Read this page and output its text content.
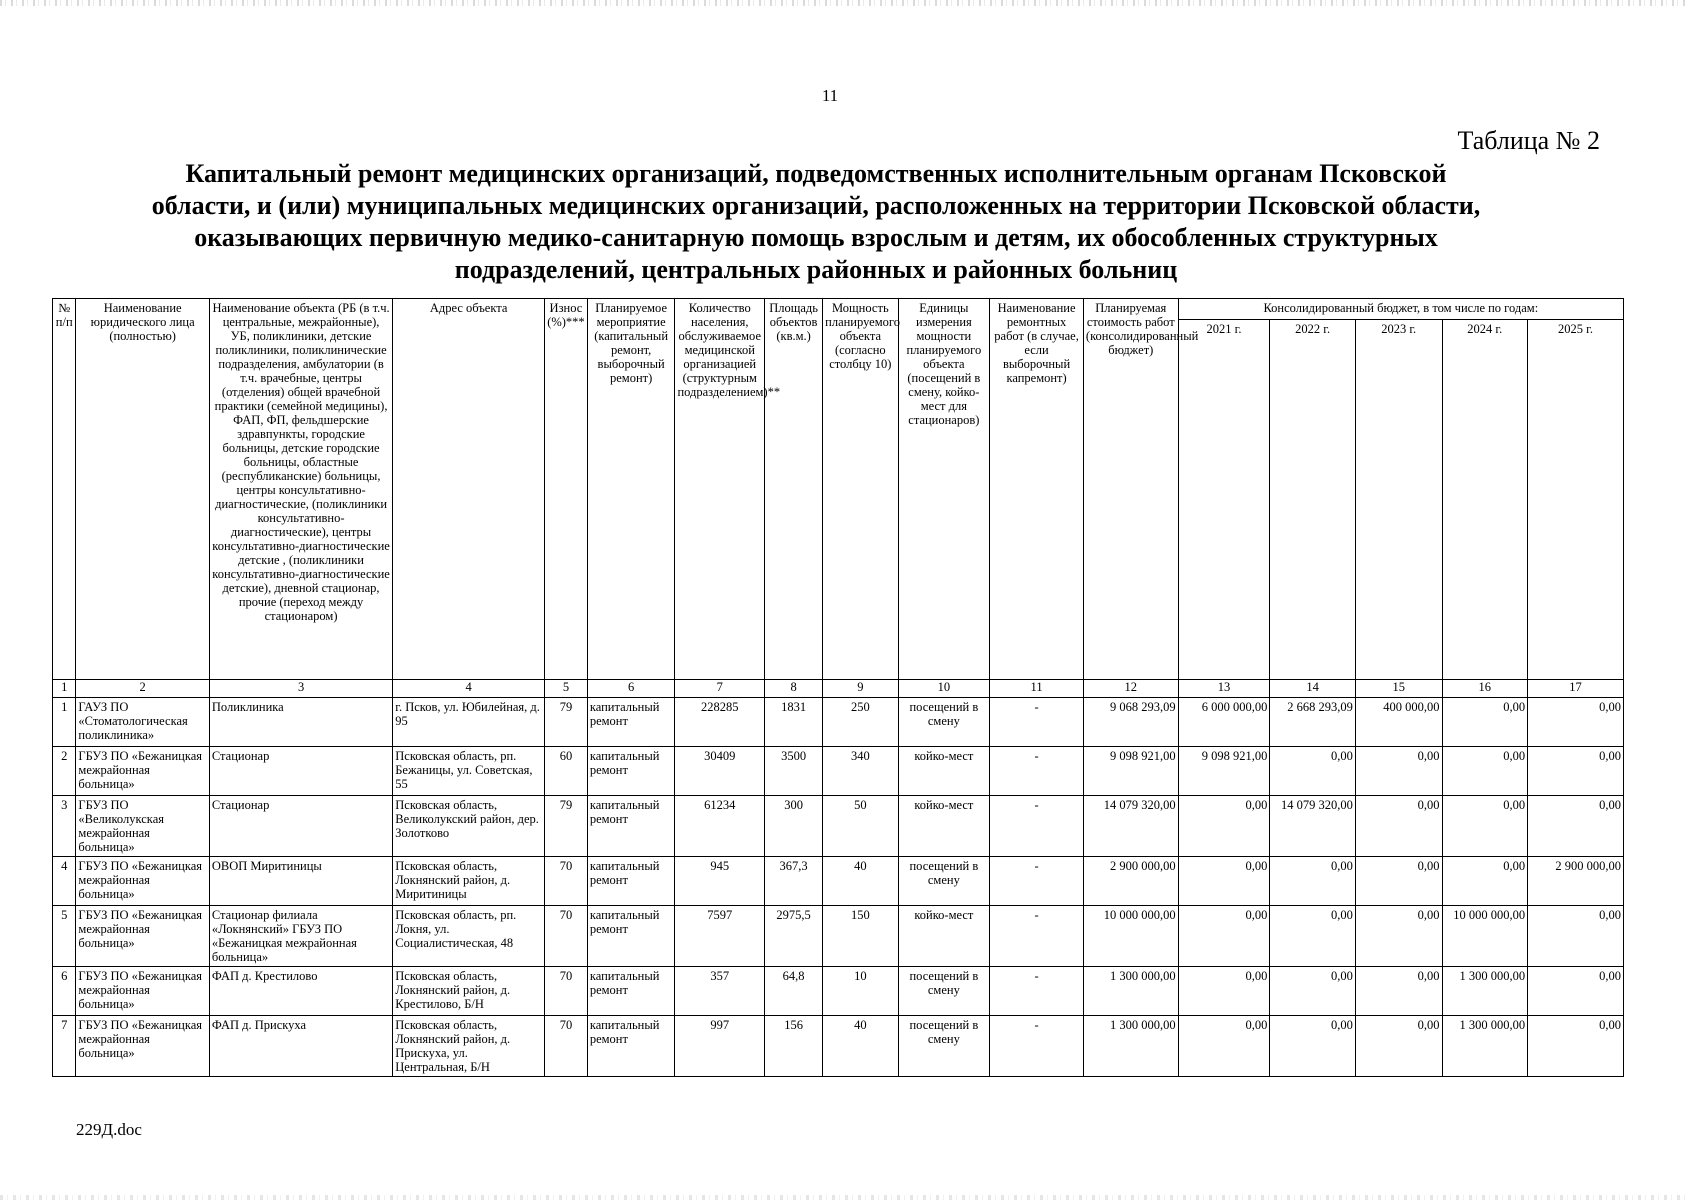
11
Таблица № 2
Капитальный ремонт медицинских организаций, подведомственных исполнительным органам Псковской
области, и (или) муниципальных медицинских организаций, расположенных на территории Псковской области,
оказывающих первичную медико-санитарную помощь взрослым и детям, их обособленных структурных
подразделений, центральных районных и районных больниц
№ п/п	Наименование юридического лица (полностью)	Наименование объекта (РБ (в т.ч. центральные, межрайонные), УБ, поликлиники, детские поликлиники, поликлинические подразделения, амбулатории (в т.ч. врачебные, центры (отделения) общей врачебной практики (семейной медицины), ФАП, ФП, фельдшерские здравпункты, городские больницы, детские городские больницы, областные (республиканские) больницы, центры консультативно-диагностические, (поликлиники консультативно-диагностические), центры консультативно-диагностические детские , (поликлиники консультативно-диагностические детские), дневной стационар, прочие (переход между стационаром)	Адрес объекта	Износ (%)***	Планируемое мероприятие (капитальный ремонт, выборочный ремонт)	Количество населения, обслуживаемое медицинской организацией (структурным подразделением)**	Площадь объектов (кв.м.)	Мощность планируемого объекта (согласно столбцу 10)	Единицы измерения мощности планируемого объекта (посещений в смену, койко-мест для стационаров)	Наименование ремонтных работ (в случае, если выборочный капремонт)	Планируемая стоимость работ (консолидированный бюджет)	Консолидированный бюджет, в том числе по годам:				
												2021 г.	2022 г.	2023 г.	2024 г.	2025 г.
1	2	3	4	5	6	7	8	9	10	11	12	13	14	15	16	17
1	ГАУЗ ПО «Стоматологическая поликлиника»	Поликлиника	г. Псков, ул. Юбилейная, д. 95	79	капитальный ремонт	228285	1831	250	посещений в смену	-	9 068 293,09	6 000 000,00	2 668 293,09	400 000,00	0,00	0,00
2	ГБУЗ ПО «Бежаницкая межрайонная больница»	Стационар	Псковская область, рп. Бежаницы, ул. Советская, 55	60	капитальный ремонт	30409	3500	340	койко-мест	-	9 098 921,00	9 098 921,00	0,00	0,00	0,00	0,00
3	ГБУЗ ПО «Великолукская межрайонная больница»	Стационар	Псковская область, Великолукский район, дер. Золотково	79	капитальный ремонт	61234	300	50	койко-мест	-	14 079 320,00	0,00	14 079 320,00	0,00	0,00	0,00
4	ГБУЗ ПО «Бежаницкая межрайонная больница»	ОВОП Миритиницы	Псковская область, Локнянский район, д. Миритиницы	70	капитальный ремонт	945	367,3	40	посещений в смену	-	2 900 000,00	0,00	0,00	0,00	0,00	2 900 000,00
5	ГБУЗ ПО «Бежаницкая межрайонная больница»	Стационар филиала «Локнянский» ГБУЗ ПО «Бежаницкая межрайонная больница»	Псковская область, рп. Локня, ул. Социалистическая, 48	70	капитальный ремонт	7597	2975,5	150	койко-мест	-	10 000 000,00	0,00	0,00	0,00	10 000 000,00	0,00
6	ГБУЗ ПО «Бежаницкая межрайонная больница»	ФАП д. Крестилово	Псковская область, Локнянский район, д. Крестилово, Б/Н	70	капитальный ремонт	357	64,8	10	посещений в смену	-	1 300 000,00	0,00	0,00	0,00	1 300 000,00	0,00
7	ГБУЗ ПО «Бежаницкая межрайонная больница»	ФАП д. Прискуха	Псковская область, Локнянский район, д. Прискуха, ул. Центральная, Б/Н	70	капитальный ремонт	997	156	40	посещений в смену	-	1 300 000,00	0,00	0,00	0,00	1 300 000,00	0,00
229Д.doc
